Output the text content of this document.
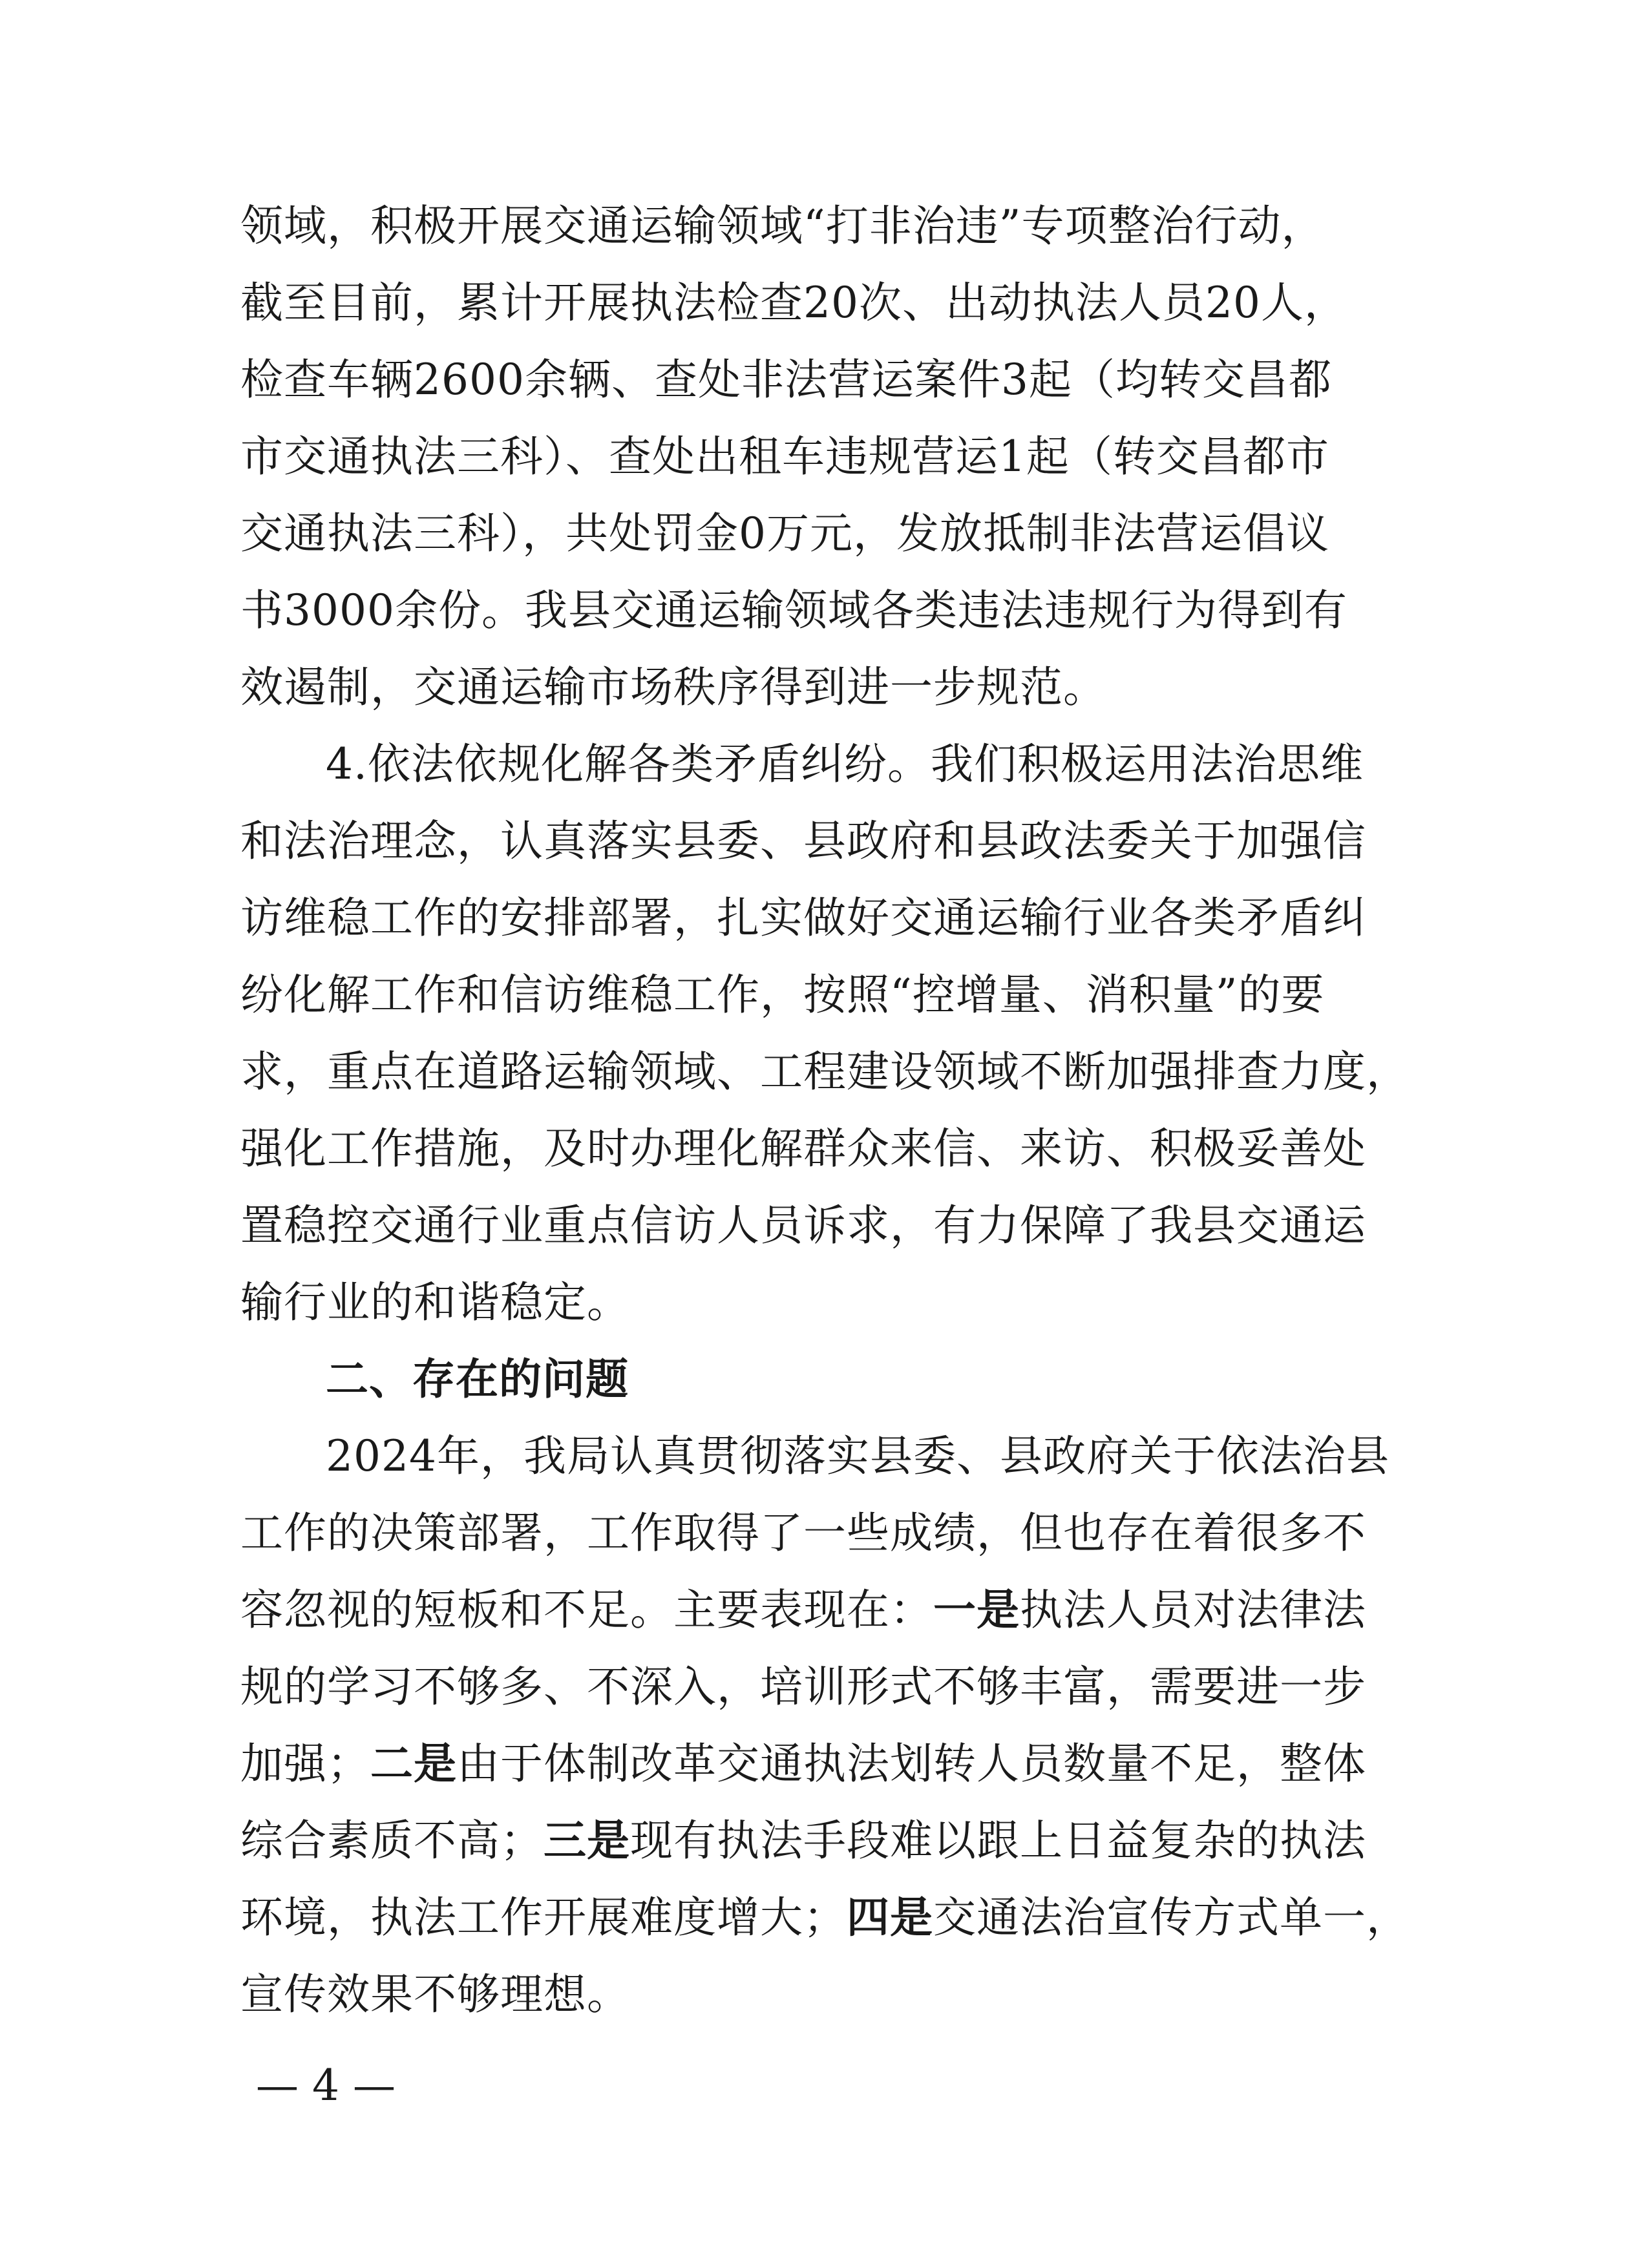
领域，积极开展交通运输领域“打非治违”专项整治行动，
截至目前，累计开展执法检查20次、出动执法人员20人，
检查车辆2600余辆、查处非法营运案件3起（均转交昌都
市交通执法三科）、查处出租车违规营运1起（转交昌都市
交通执法三科），共处罚金0万元，发放抵制非法营运倡议
书3000余份。我县交通运输领域各类违法违规行为得到有
效遏制，交通运输市场秩序得到进一步规范。
4.依法依规化解各类矛盾纠纷。我们积极运用法治思维
和法治理念，认真落实县委、县政府和县政法委关于加强信
访维稳工作的安排部署，扎实做好交通运输行业各类矛盾纠
纷化解工作和信访维稳工作，按照“控增量、消积量”的要
求，重点在道路运输领域、工程建设领域不断加强排查力度，
强化工作措施，及时办理化解群众来信、来访、积极妥善处
置稳控交通行业重点信访人员诉求，有力保障了我县交通运
输行业的和谐稳定。
二、存在的问题
2024年，我局认真贯彻落实县委、县政府关于依法治县
工作的决策部署，工作取得了一些成绩，但也存在着很多不
容忽视的短板和不足。主要表现在：一是执法人员对法律法
规的学习不够多、不深入，培训形式不够丰富，需要进一步
加强；二是由于体制改革交通执法划转人员数量不足，整体
综合素质不高；三是现有执法手段难以跟上日益复杂的执法
环境，执法工作开展难度增大；四是交通法治宣传方式单一，
宣传效果不够理想。
— 4 —
